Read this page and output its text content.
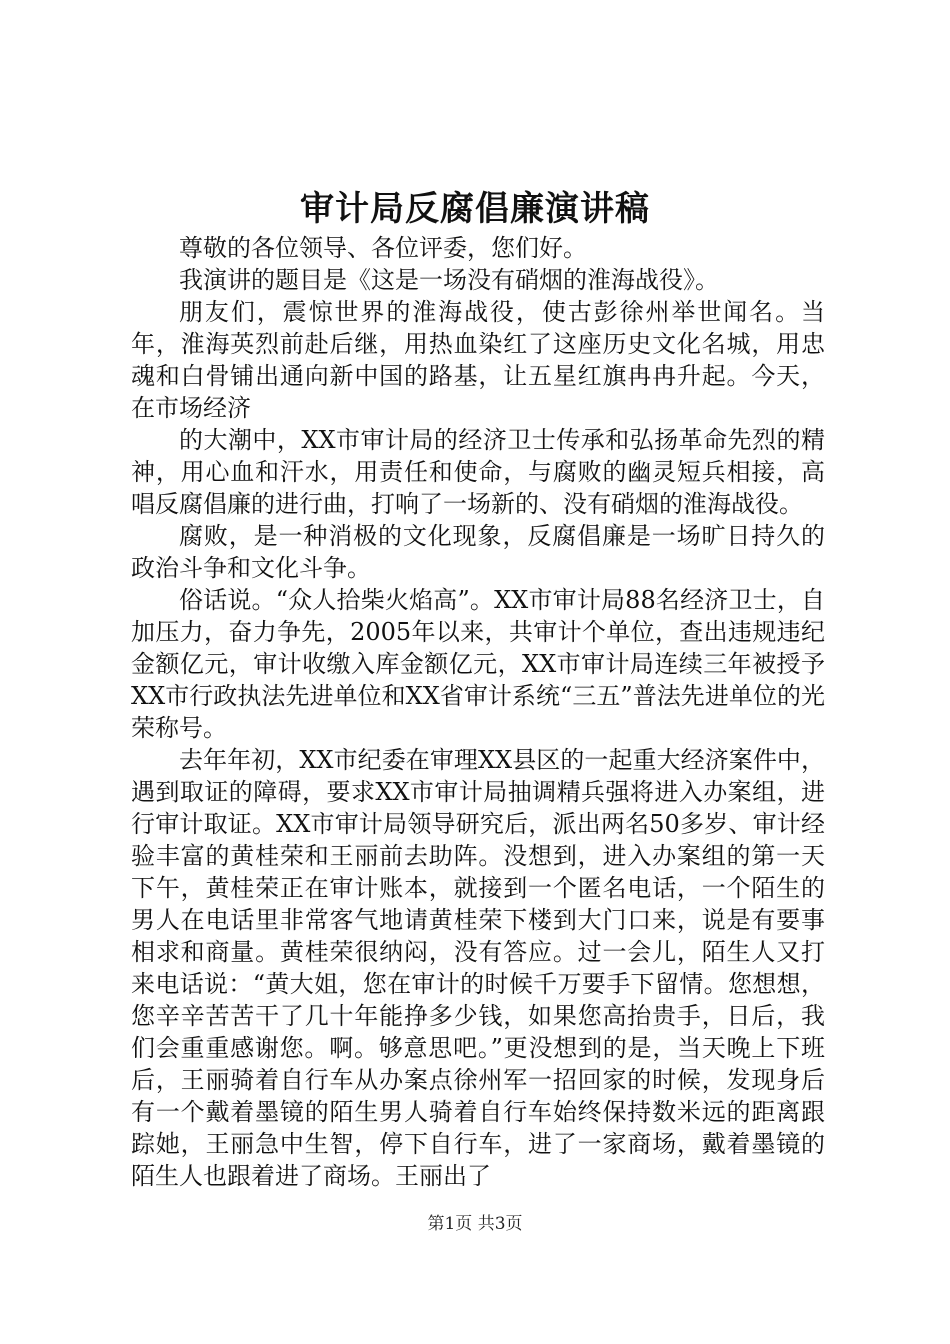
审计局反腐倡廉演讲稿

尊敬的各位领导、各位评委，您们好。

我演讲的题目是《这是一场没有硝烟的淮海战役》。

朋友们，震惊世界的淮海战役，使古彭徐州举世闻名。当年，淮海英烈前赴后继，用热血染红了这座历史文化名城，用忠魂和白骨铺出通向新中国的路基，让五星红旗冉冉升起。今天，在市场经济

的大潮中，XX市审计局的经济卫士传承和弘扬革命先烈的精神，用心血和汗水，用责任和使命，与腐败的幽灵短兵相接，高唱反腐倡廉的进行曲，打响了一场新的、没有硝烟的淮海战役。

腐败，是一种消极的文化现象，反腐倡廉是一场旷日持久的政治斗争和文化斗争。

俗话说。“众人拾柴火焰高”。XX市审计局88名经济卫士，自加压力，奋力争先，2005年以来，共审计个单位，查出违规违纪金额亿元，审计收缴入库金额亿元，XX市审计局连续三年被授予XX市行政执法先进单位和XX省审计系统“三五”普法先进单位的光荣称号。

去年年初，XX市纪委在审理XX县区的一起重大经济案件中，遇到取证的障碍，要求XX市审计局抽调精兵强将进入办案组，进行审计取证。XX市审计局领导研究后，派出两名50多岁、审计经验丰富的黄桂荣和王丽前去助阵。没想到，进入办案组的第一天下午，黄桂荣正在审计账本，就接到一个匿名电话，一个陌生的男人在电话里非常客气地请黄桂荣下楼到大门口来，说是有要事相求和商量。黄桂荣很纳闷，没有答应。过一会儿，陌生人又打来电话说：“黄大姐，您在审计的时候千万要手下留情。您想想，您辛辛苦苦干了几十年能挣多少钱，如果您高抬贵手，日后，我们会重重感谢您。啊。够意思吧。”更没想到的是，当天晚上下班后，王丽骑着自行车从办案点徐州军一招回家的时候，发现身后有一个戴着墨镜的陌生男人骑着自行车始终保持数米远的距离跟踪她，王丽急中生智，停下自行车，进了一家商场，戴着墨镜的陌生人也跟着进了商场。王丽出了

第1页 共3页
